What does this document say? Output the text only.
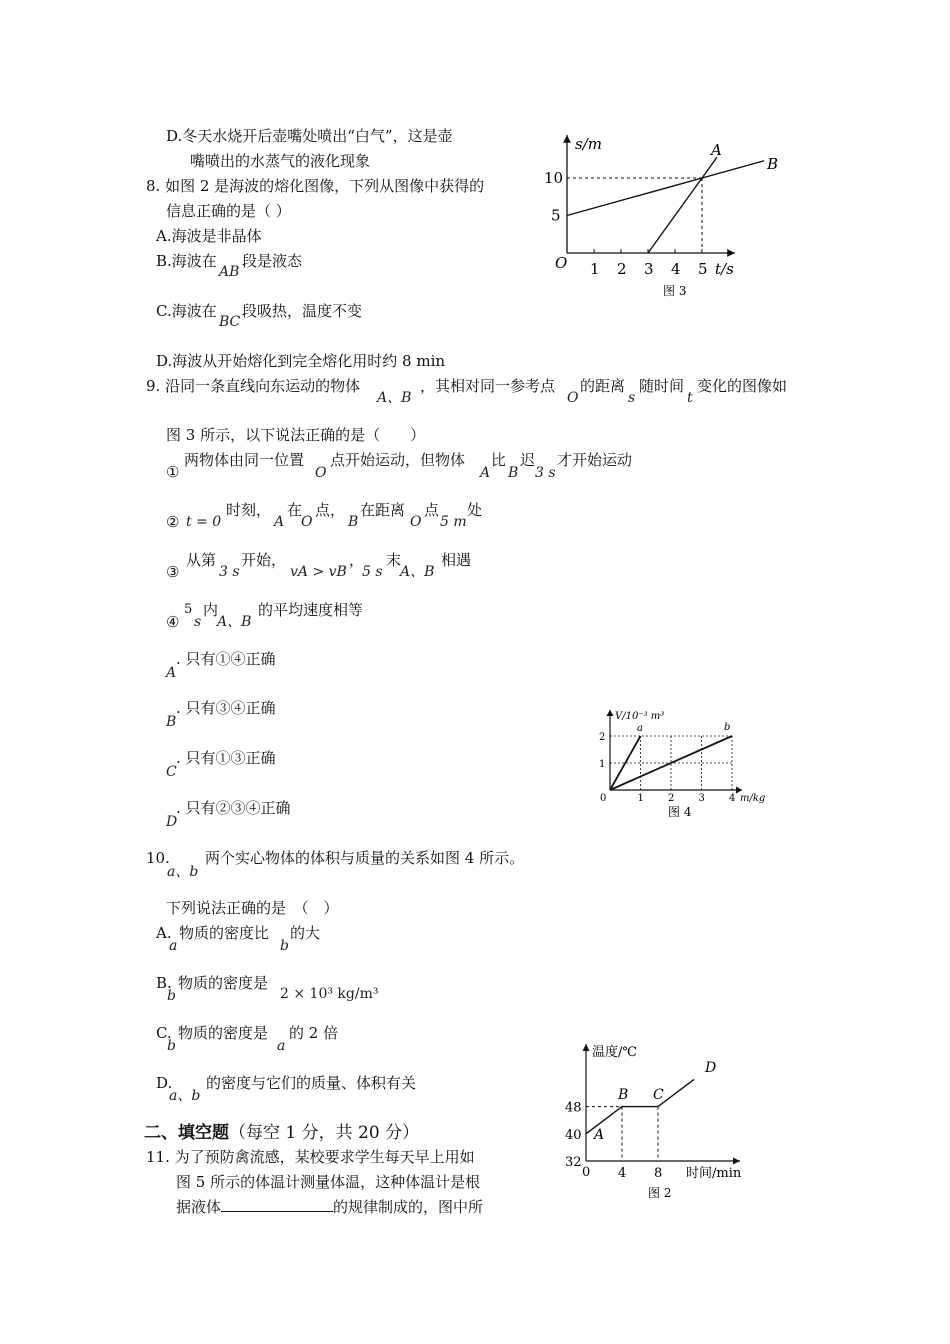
D.冬天水烧开后壶嘴处喷出“白气”，这是壶
嘴喷出的水蒸气的液化现象
8. 如图 2 是海波的熔化图像，下列从图像中获得的
信息正确的是（ ）
A.海波是非晶体
B.海波在
AB
段是液态
C.海波在
BC
段吸热，温度不变
D.海波从开始熔化到完全熔化用时约 8 min
9. 沿同一条直线向东运动的物体
A、B
，其相对同一参考点
O
的距离
s
随时间
t
变化的图像如
图 3 所示，以下说法正确的是（　　）
①
两物体由同一位置
O
点开始运动，但物体
A
比
B
迟
3 s
才开始运动
② t = 0
时刻，
A
在
O
点，
B
在距离
O
点
5 m
处
③
从第
3 s
开始，
vA > vB
，
5 s
末
A、B
相遇
④
5
s
内
A、B
的平均速度相等
A
. 只有①④正确
B
. 只有③④正确
C
. 只有①③正确
D
. 只有②③④正确
10.
a、b
两个实心物体的体积与质量的关系如图 4 所示。
下列说法正确的是　（　）
A.
a
物质的密度比
b
的大
B.
b
物质的密度是
2 × 10³ kg/m³
C.
b
物质的密度是
a
的 2 倍
D.
a、b
的密度与它们的质量、体积有关
二、填空题（每空 1 分，共 20 分）
11. 为了预防禽流感，某校要求学生每天早上用如
图 5 所示的体温计测量体温，这种体温计是根
据液体	的规律制成的，图中所
1 2 3 4 5
5
10
s/m
t/s
O
A
B
图 3
1 2 3 4
1
2
V/10⁻³ m³
m/kg
0
a	b
图 4
4 8
32
40
48
温度/℃
时间/min
0
A
B C
D
图 2
